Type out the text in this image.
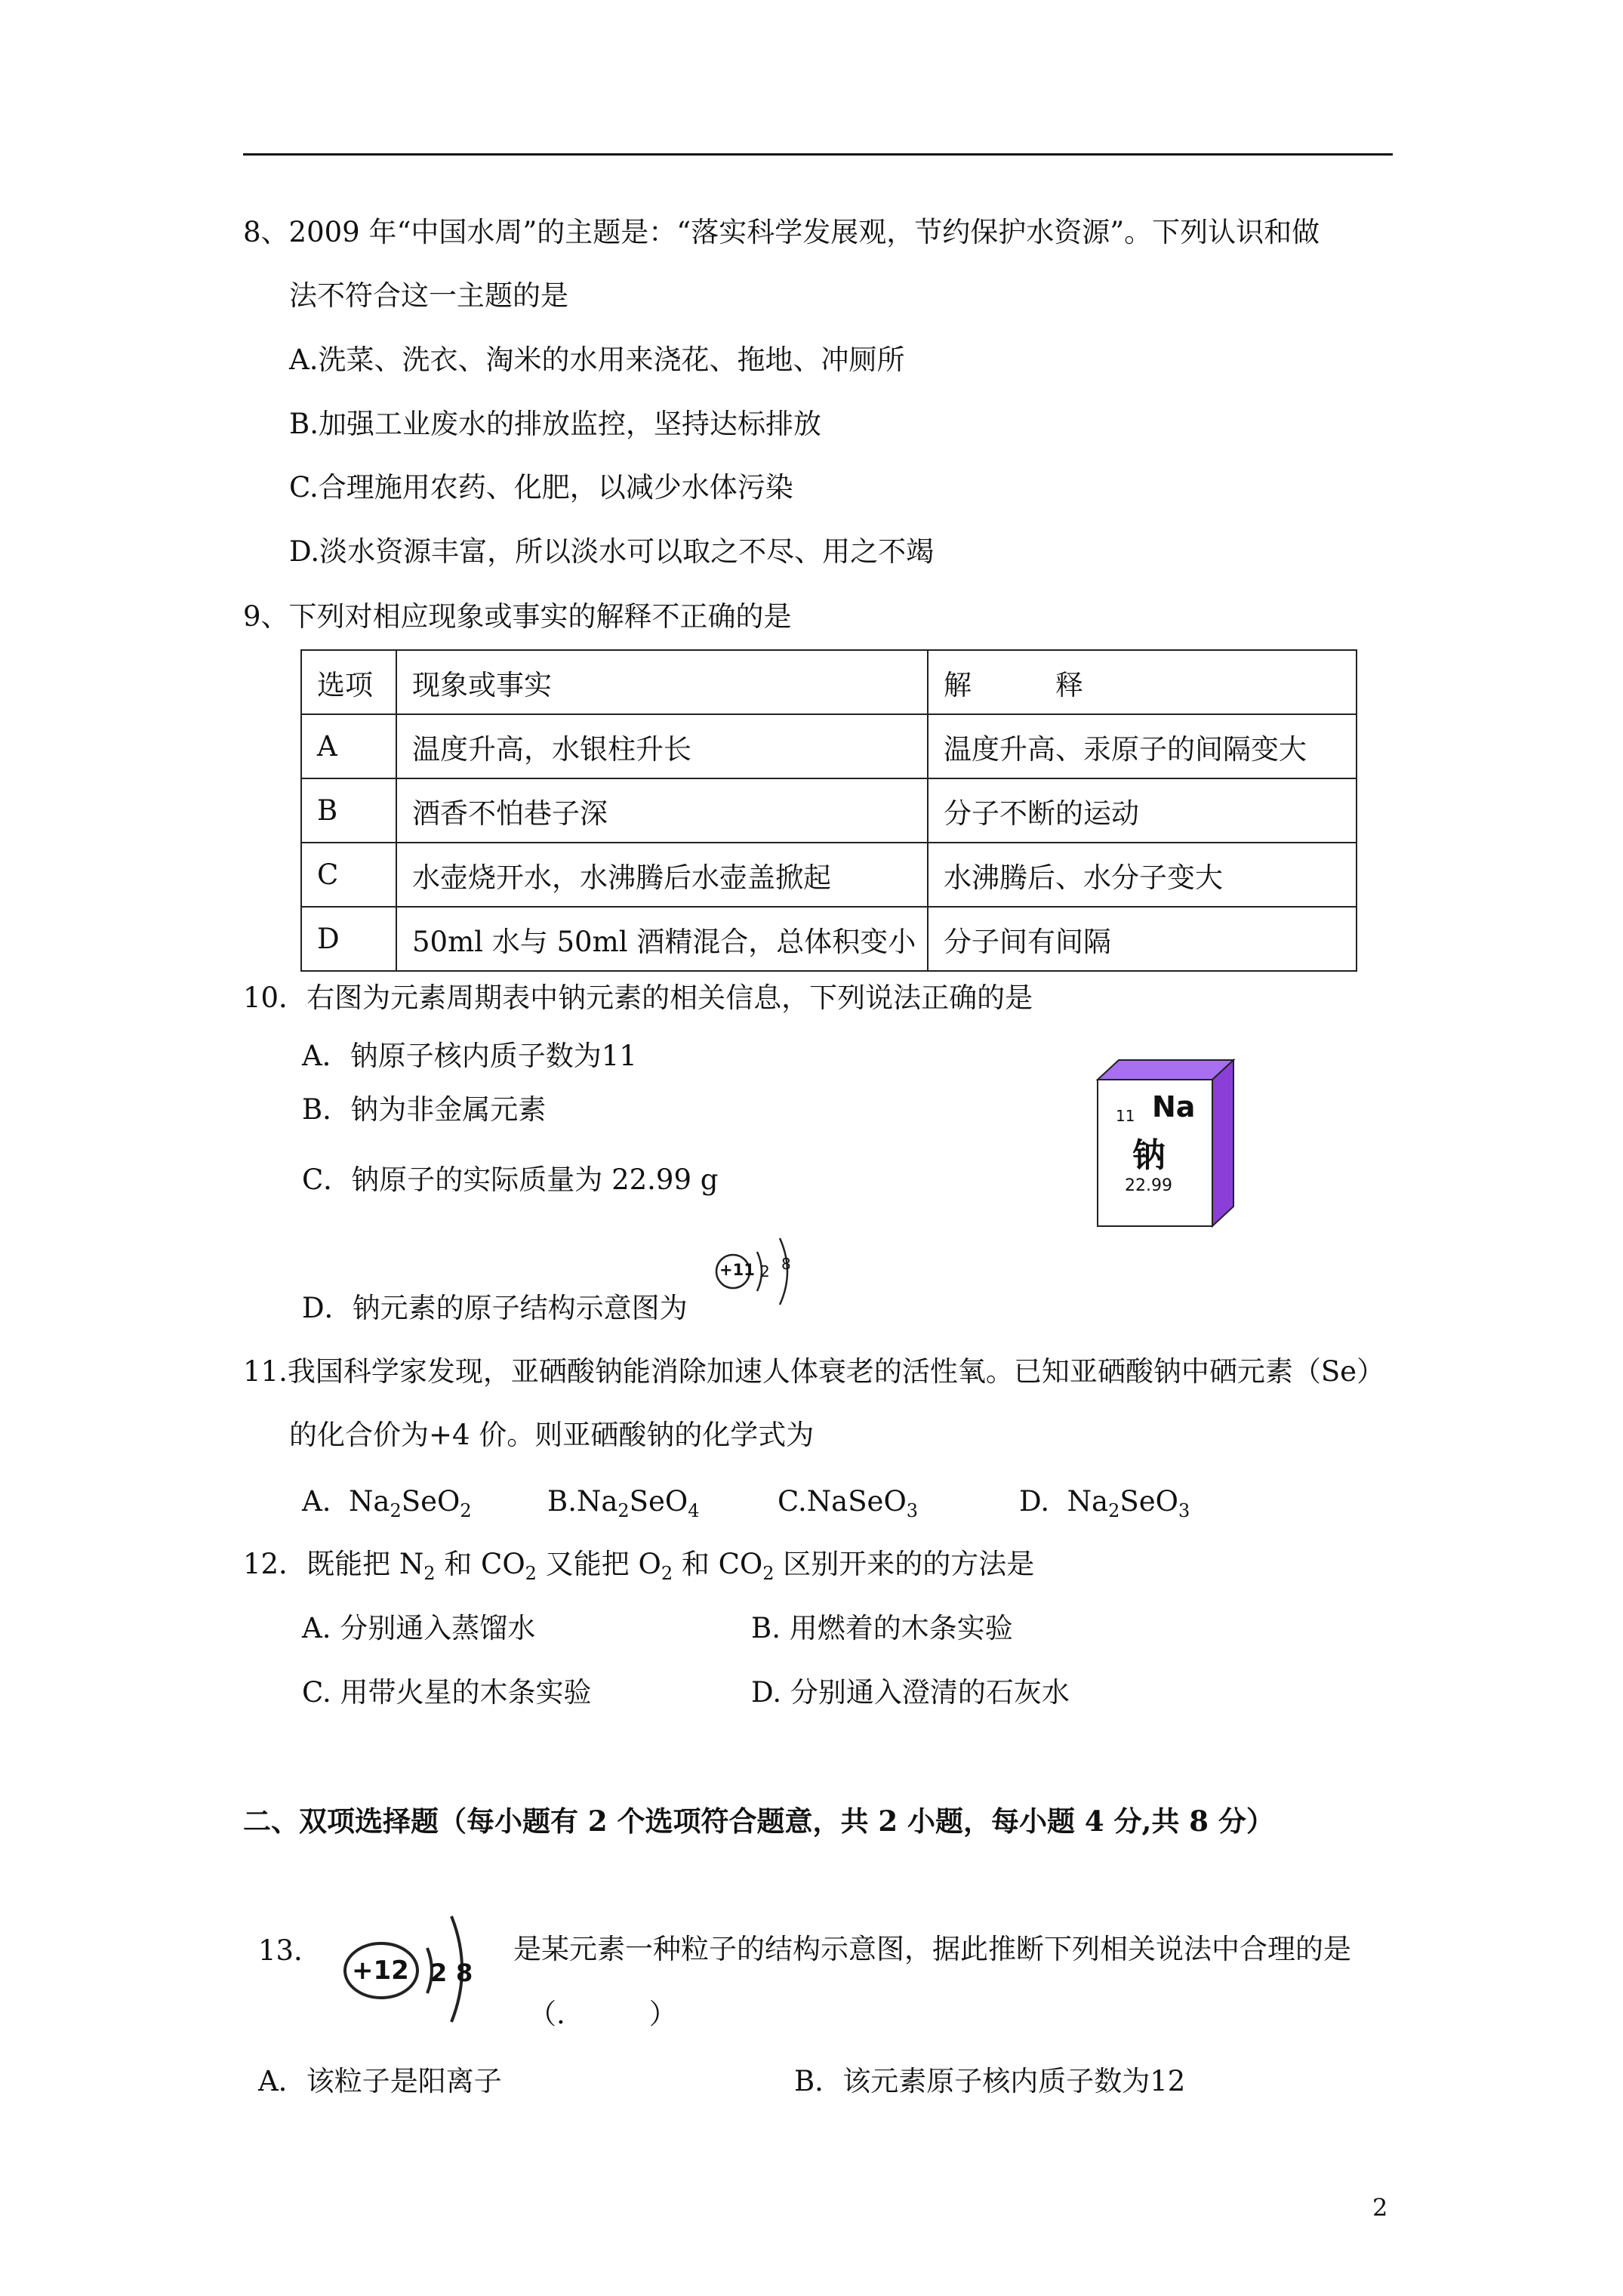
8、2009 年“中国水周”的主题是：“落实科学发展观，节约保护水资源”。下列认识和做
法不符合这一主题的是
A.洗菜、洗衣、淘米的水用来浇花、拖地、冲厕所
B.加强工业废水的排放监控，坚持达标排放
C.合理施用农药、化肥，以减少水体污染
D.淡水资源丰富，所以淡水可以取之不尽、用之不竭
9、下列对相应现象或事实的解释不正确的是
选项	现象或事实	解　　　释
A	温度升高，水银柱升长	温度升高、汞原子的间隔变大
B	酒香不怕巷子深	分子不断的运动
C	水壶烧开水，水沸腾后水壶盖掀起	水沸腾后、水分子变大
D	50ml 水与 50ml 酒精混合，总体积变小	分子间有间隔
10．右图为元素周期表中钠元素的相关信息，下列说法正确的是
A．钠原子核内质子数为11
B．钠为非金属元素
C．钠原子的实际质量为 22.99 g
D．钠元素的原子结构示意图为
11 Na
钠
22.99
+11 2 8
11.我国科学家发现，亚硒酸钠能消除加速人体衰老的活性氧。已知亚硒酸钠中硒元素（Se）
的化合价为+4 价。则亚硒酸钠的化学式为
A. $Na_2SeO_2$	$B.Na_2SeO_4$	C.NaSeO$_3$	D. $Na_2SeO_3$
12．既能把 $N_2$ 和 $CO_2$ 又能把 $O_2$ 和 $CO_2$ 区别开来的的方法是
A. 分别通入蒸馏水	B. 用燃着的木条实验
C. 用带火星的木条实验	D. 分别通入澄清的石灰水
二、双项选择题（每小题有 2 个选项符合题意，共 2 小题，每小题 4 分,共 8 分）
13．
+12 2 8
是某元素一种粒子的结构示意图，据此推断下列相关说法中合理的是
（.　　　）
A．该粒子是阳离子	B．该元素原子核内质子数为12
2
